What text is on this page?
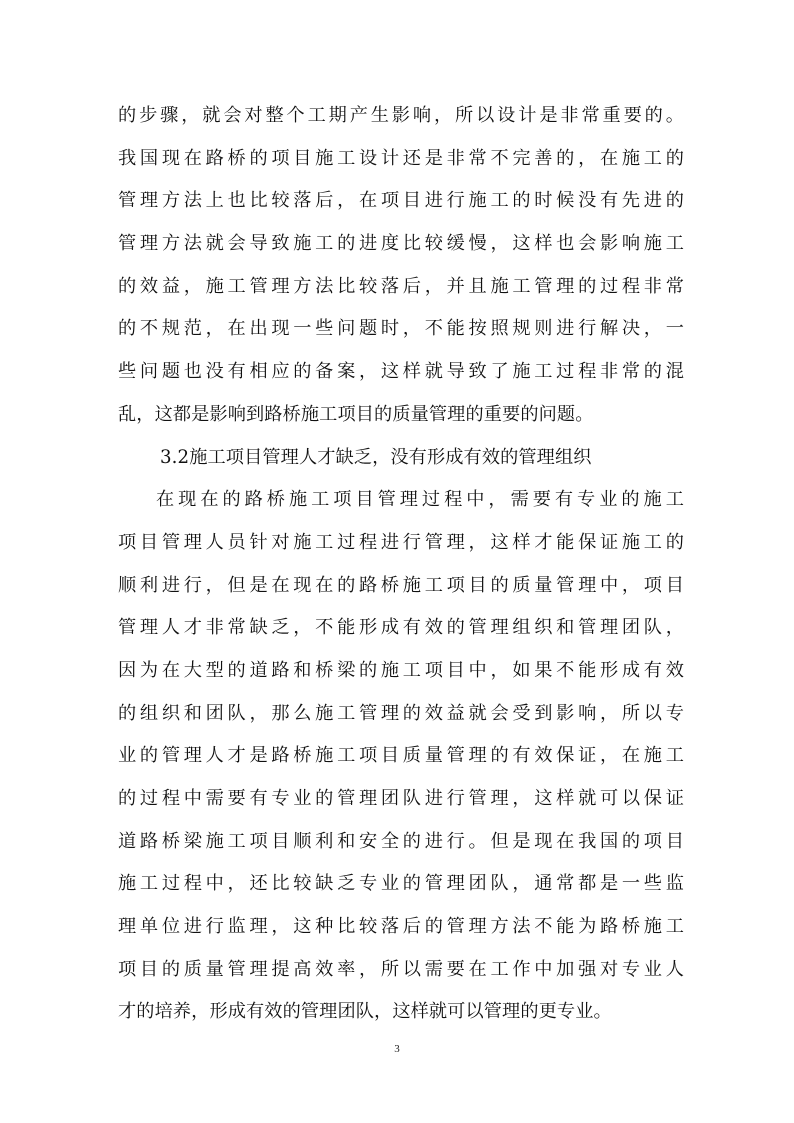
的步骤，就会对整个工期产生影响，所以设计是非常重要的。
我国现在路桥的项目施工设计还是非常不完善的，在施工的
管理方法上也比较落后，在项目进行施工的时候没有先进的
管理方法就会导致施工的进度比较缓慢，这样也会影响施工
的效益，施工管理方法比较落后，并且施工管理的过程非常
的不规范，在出现一些问题时，不能按照规则进行解决，一
些问题也没有相应的备案，这样就导致了施工过程非常的混
乱，这都是影响到路桥施工项目的质量管理的重要的问题。
3.2施工项目管理人才缺乏，没有形成有效的管理组织
在现在的路桥施工项目管理过程中，需要有专业的施工
项目管理人员针对施工过程进行管理，这样才能保证施工的
顺利进行，但是在现在的路桥施工项目的质量管理中，项目
管理人才非常缺乏，不能形成有效的管理组织和管理团队，
因为在大型的道路和桥梁的施工项目中，如果不能形成有效
的组织和团队，那么施工管理的效益就会受到影响，所以专
业的管理人才是路桥施工项目质量管理的有效保证，在施工
的过程中需要有专业的管理团队进行管理，这样就可以保证
道路桥梁施工项目顺利和安全的进行。但是现在我国的项目
施工过程中，还比较缺乏专业的管理团队，通常都是一些监
理单位进行监理，这种比较落后的管理方法不能为路桥施工
项目的质量管理提高效率，所以需要在工作中加强对专业人
才的培养，形成有效的管理团队，这样就可以管理的更专业。
3
